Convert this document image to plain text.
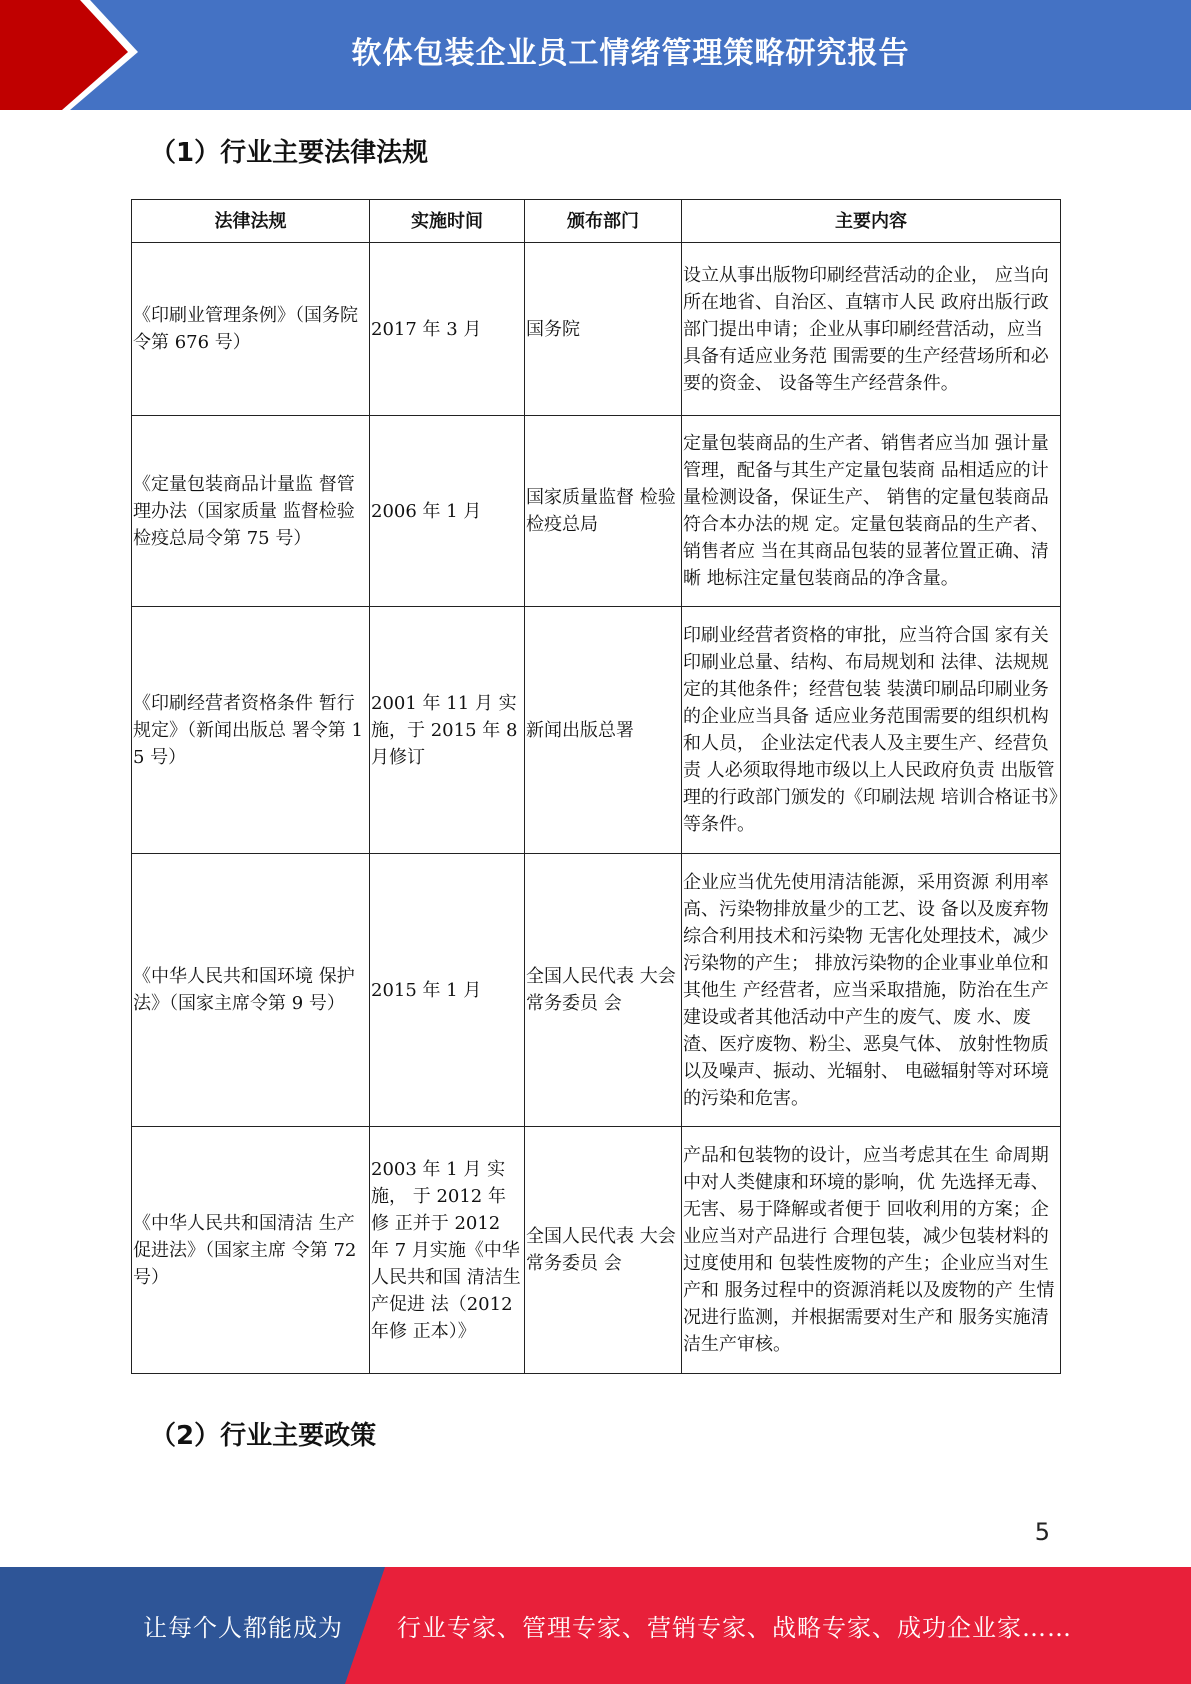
软体包装企业员工情绪管理策略研究报告
（1）行业主要法律法规
法律法规	实施时间	颁布部门	主要内容
《印刷业管理条例》（国务院令第 676 号）	2017 年 3 月	国务院	设立从事出版物印刷经营活动的企业， 应当向所在地省、自治区、直辖市人民 政府出版行政部门提出申请；企业从事印刷经营活动，应当具备有适应业务范 围需要的生产经营场所和必要的资金、 设备等生产经营条件。
《定量包装商品计量监 督管理办法（国家质量 监督检验检疫总局令第 75 号）	2006 年 1 月	国家质量监督 检验检疫总局	定量包装商品的生产者、销售者应当加 强计量管理，配备与其生产定量包装商 品相适应的计量检测设备，保证生产、 销售的定量包装商品符合本办法的规 定。定量包装商品的生产者、销售者应 当在其商品包装的显著位置正确、清晰 地标注定量包装商品的净含量。
《印刷经营者资格条件 暂行规定》（新闻出版总 署令第 15 号）	2001 年 11 月 实施，于 2015 年 8 月修订	新闻出版总署	印刷业经营者资格的审批，应当符合国 家有关印刷业总量、结构、布局规划和 法律、法规规定的其他条件；经营包装 装潢印刷品印刷业务的企业应当具备 适应业务范围需要的组织机构和人员， 企业法定代表人及主要生产、经营负责 人必须取得地市级以上人民政府负责 出版管理的行政部门颁发的《印刷法规 培训合格证书》等条件。
《中华人民共和国环境 保护法》（国家主席令第 9 号）	2015 年 1 月	全国人民代表 大会常务委员 会	企业应当优先使用清洁能源，采用资源 利用率高、污染物排放量少的工艺、设 备以及废弃物综合利用技术和污染物 无害化处理技术，减少污染物的产生； 排放污染物的企业事业单位和其他生 产经营者，应当采取措施，防治在生产 建设或者其他活动中产生的废气、废 水、废渣、医疗废物、粉尘、恶臭气体、 放射性物质以及噪声、振动、光辐射、 电磁辐射等对环境的污染和危害。
《中华人民共和国清洁 生产促进法》（国家主席 令第 72 号）	2003 年 1 月 实施， 于 2012 年修 正并于 2012 年 7 月实施《中华人民共和国 清洁生产促进 法（2012 年修 正本）》	全国人民代表 大会常务委员 会	产品和包装物的设计，应当考虑其在生 命周期中对人类健康和环境的影响，优 先选择无毒、无害、易于降解或者便于 回收利用的方案；企业应当对产品进行 合理包装，减少包装材料的过度使用和 包装性废物的产生；企业应当对生产和 服务过程中的资源消耗以及废物的产 生情况进行监测，并根据需要对生产和 服务实施清洁生产审核。
（2）行业主要政策
5
让每个人都能成为 行业专家、管理专家、营销专家、战略专家、成功企业家……
